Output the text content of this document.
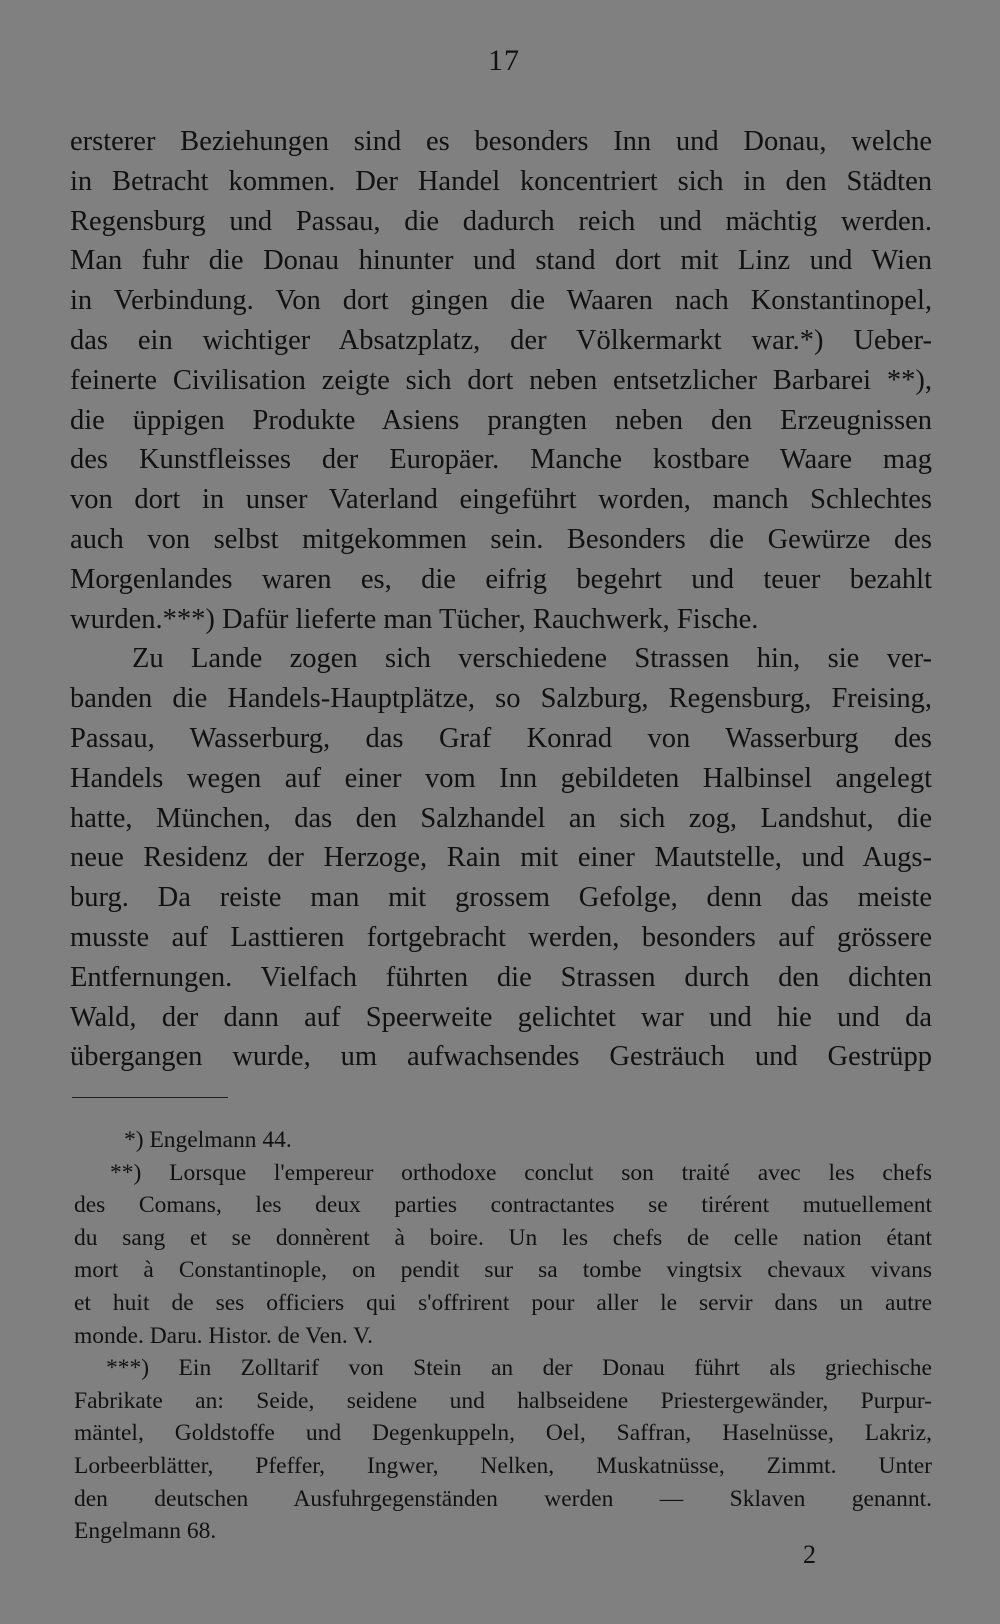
17
ersterer Beziehungen sind es besonders Inn und Donau, welche
in Betracht kommen. Der Handel koncentriert sich in den Städten
Regensburg und Passau, die dadurch reich und mächtig werden.
Man fuhr die Donau hinunter und stand dort mit Linz und Wien
in Verbindung. Von dort gingen die Waaren nach Konstantinopel,
das ein wichtiger Absatzplatz, der Völkermarkt war.*) Ueber-
feinerte Civilisation zeigte sich dort neben entsetzlicher Barbarei **),
die üppigen Produkte Asiens prangten neben den Erzeugnissen
des Kunstfleisses der Europäer. Manche kostbare Waare mag
von dort in unser Vaterland eingeführt worden, manch Schlechtes
auch von selbst mitgekommen sein. Besonders die Gewürze des
Morgenlandes waren es, die eifrig begehrt und teuer bezahlt
wurden.***) Dafür lieferte man Tücher, Rauchwerk, Fische.
Zu Lande zogen sich verschiedene Strassen hin, sie ver-
banden die Handels-Hauptplätze, so Salzburg, Regensburg, Freising,
Passau, Wasserburg, das Graf Konrad von Wasserburg des
Handels wegen auf einer vom Inn gebildeten Halbinsel angelegt
hatte, München, das den Salzhandel an sich zog, Landshut, die
neue Residenz der Herzoge, Rain mit einer Mautstelle, und Augs-
burg. Da reiste man mit grossem Gefolge, denn das meiste
musste auf Lasttieren fortgebracht werden, besonders auf grössere
Entfernungen. Vielfach führten die Strassen durch den dichten
Wald, der dann auf Speerweite gelichtet war und hie und da
übergangen wurde, um aufwachsendes Gesträuch und Gestrüpp
*) Engelmann 44.
**) Lorsque l'empereur orthodoxe conclut son traité avec les chefs
des Comans, les deux parties contractantes se tirérent mutuellement
du sang et se donnèrent à boire. Un les chefs de celle nation étant
mort à Constantinople, on pendit sur sa tombe vingtsix chevaux vivans
et huit de ses officiers qui s'offrirent pour aller le servir dans un autre
monde. Daru. Histor. de Ven. V.
***) Ein Zolltarif von Stein an der Donau führt als griechische
Fabrikate an: Seide, seidene und halbseidene Priestergewänder, Purpur-
mäntel, Goldstoffe und Degenkuppeln, Oel, Saffran, Haselnüsse, Lakriz,
Lorbeerblätter, Pfeffer, Ingwer, Nelken, Muskatnüsse, Zimmt. Unter
den deutschen Ausfuhrgegenständen werden — Sklaven genannt.
Engelmann 68.
2
